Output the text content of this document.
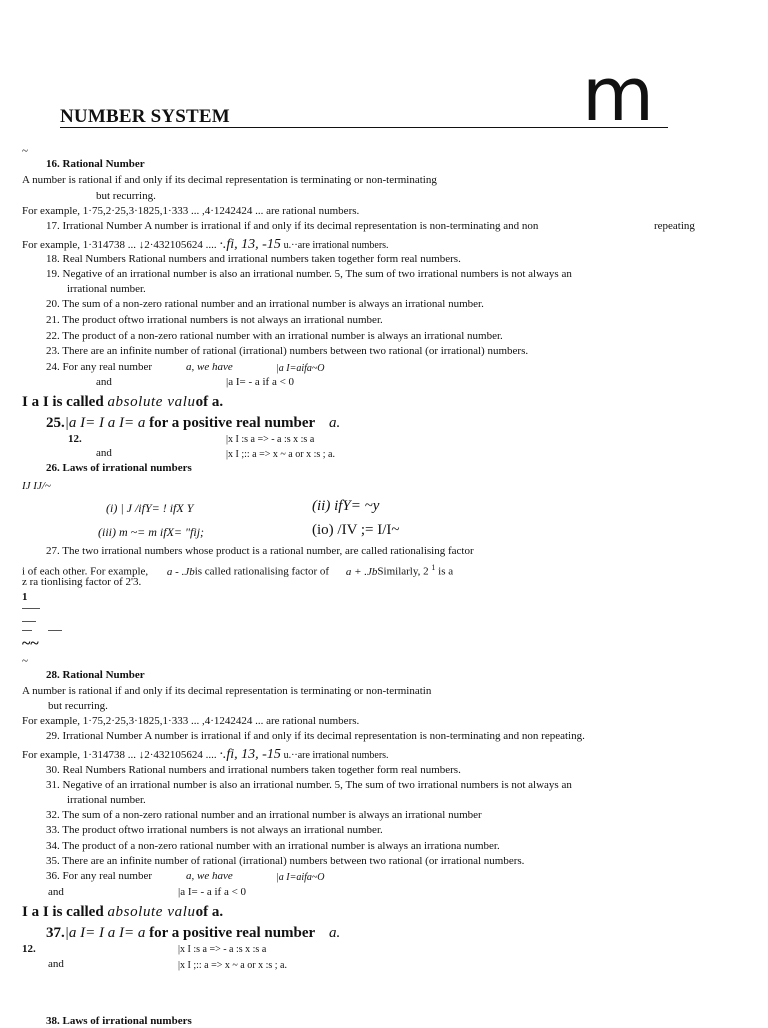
NUMBER SYSTEM	m
~
16. Rational Number
A number is rational if and only if its decimal representation is terminating or non-terminating
but recurring.
For example, 1·75,2·25,3·1825,1·333 ... ,4·1242424 ... are rational numbers.
17. Irrational Number A number is irrational if and only if its decimal representation is non-terminating and non	repeating
For example, 1·314738 ... ↓2·432105624 .... ·.fi, 13, -15 u.··are irrational numbers.
18. Real Numbers Rational numbers and irrational numbers taken together form real numbers.
19. Negative of an irrational number is also an irrational number. 5, The sum of two irrational numbers is not always an
irrational number.
20. The sum of a non-zero rational number and an irrational number is always an irrational number.
21. The product oftwo irrational numbers is not always an irrational number.
22. The product of a non-zero rational number with an irrational number is always an irrational number.
23. There are an infinite number of rational (irrational) numbers between two rational (or irrational) numbers.
24. For any real number	a, we have	|a I=aifa~O
and	|a I= - a if a < 0
I a I is called absolute valuof a.
25.|a I= I a I= a for a positive real number a.
12.	|x I :s a => - a :s x :s a
and	|x I ;:: a => x ~ a or x :s ; a.
26. Laws of irrational numbers
IJ IJ/~
(i) | J /ifY= ! ifX Y	(ii) ifY= ~y
(iii) m ~= m ifX= "fij;	(io) /IV ;= I/I~
27. The two irrational numbers whose product is a rational number, are called rationalising factor
i of each other. For example, a - .Jbis called rationalising factor of a + .JbSimilarly, 2 $^1$ is a
z ra tionlising factor of 2'3.
1
~~
~
28. Rational Number
A number is rational if and only if its decimal representation is terminating or non-terminatin
but recurring.
For example, 1·75,2·25,3·1825,1·333 ... ,4·1242424 ... are rational numbers.
29. Irrational Number A number is irrational if and only if its decimal representation is non-terminating and non repeating.
For example, 1·314738 ... ↓2·432105624 .... ·.fi, 13, -15 u.··are irrational numbers.
30. Real Numbers Rational numbers and irrational numbers taken together form real numbers.
31. Negative of an irrational number is also an irrational number. 5, The sum of two irrational numbers is not always an
irrational number.
32. The sum of a non-zero rational number and an irrational number is always an irrational number
33. The product oftwo irrational numbers is not always an irrational number.
34. The product of a non-zero rational number with an irrational number is always an irrationa number.
35. There are an infinite number of rational (irrational) numbers between two rational (or irrational numbers.
36. For any real number	a, we have	|a I=aifa~O
and	|a I= - a if a < 0
I a I is called absolute valuof a.
37.|a I= I a I= a for a positive real number a.
12.	|x I :s a => - a :s x :s a
and	|x I ;:: a => x ~ a or x :s ; a.
38. Laws of irrational numbers
